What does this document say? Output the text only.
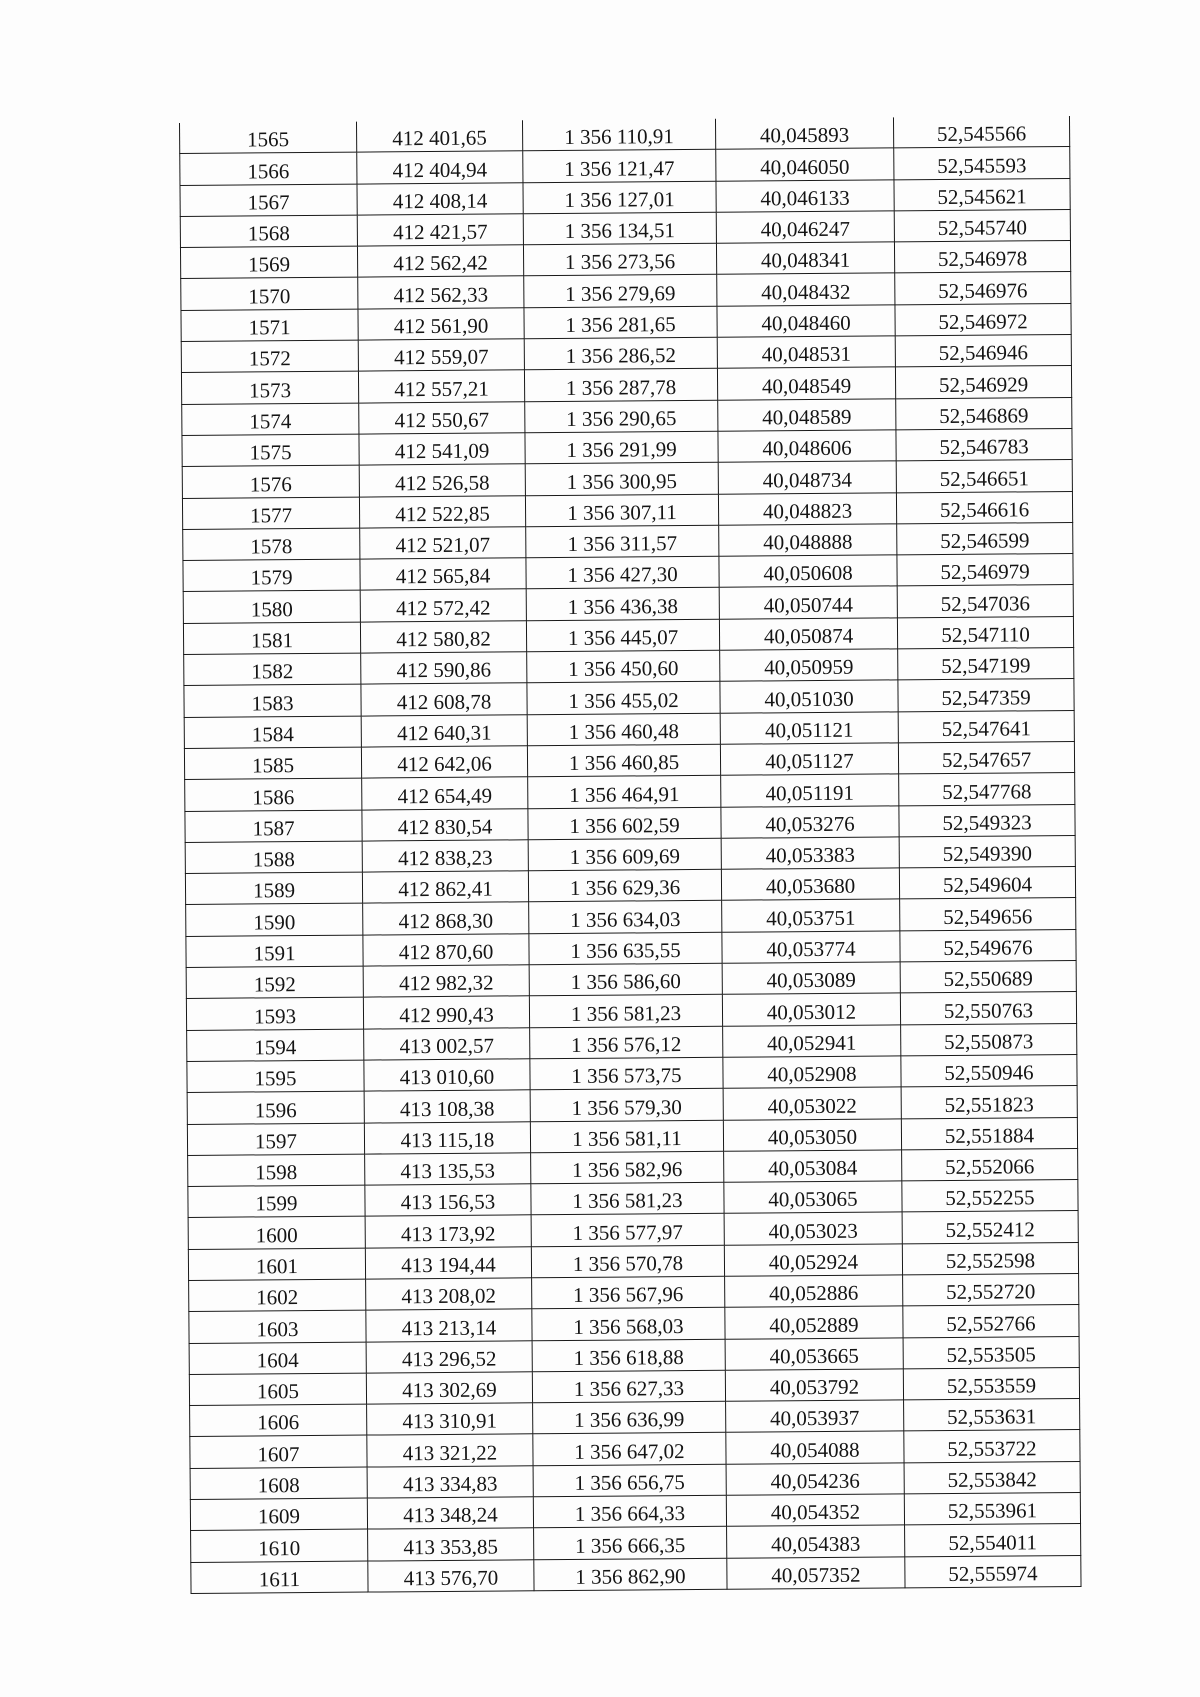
1565	412 401,65	1 356 110,91	40,045893	52,545566
1566	412 404,94	1 356 121,47	40,046050	52,545593
1567	412 408,14	1 356 127,01	40,046133	52,545621
1568	412 421,57	1 356 134,51	40,046247	52,545740
1569	412 562,42	1 356 273,56	40,048341	52,546978
1570	412 562,33	1 356 279,69	40,048432	52,546976
1571	412 561,90	1 356 281,65	40,048460	52,546972
1572	412 559,07	1 356 286,52	40,048531	52,546946
1573	412 557,21	1 356 287,78	40,048549	52,546929
1574	412 550,67	1 356 290,65	40,048589	52,546869
1575	412 541,09	1 356 291,99	40,048606	52,546783
1576	412 526,58	1 356 300,95	40,048734	52,546651
1577	412 522,85	1 356 307,11	40,048823	52,546616
1578	412 521,07	1 356 311,57	40,048888	52,546599
1579	412 565,84	1 356 427,30	40,050608	52,546979
1580	412 572,42	1 356 436,38	40,050744	52,547036
1581	412 580,82	1 356 445,07	40,050874	52,547110
1582	412 590,86	1 356 450,60	40,050959	52,547199
1583	412 608,78	1 356 455,02	40,051030	52,547359
1584	412 640,31	1 356 460,48	40,051121	52,547641
1585	412 642,06	1 356 460,85	40,051127	52,547657
1586	412 654,49	1 356 464,91	40,051191	52,547768
1587	412 830,54	1 356 602,59	40,053276	52,549323
1588	412 838,23	1 356 609,69	40,053383	52,549390
1589	412 862,41	1 356 629,36	40,053680	52,549604
1590	412 868,30	1 356 634,03	40,053751	52,549656
1591	412 870,60	1 356 635,55	40,053774	52,549676
1592	412 982,32	1 356 586,60	40,053089	52,550689
1593	412 990,43	1 356 581,23	40,053012	52,550763
1594	413 002,57	1 356 576,12	40,052941	52,550873
1595	413 010,60	1 356 573,75	40,052908	52,550946
1596	413 108,38	1 356 579,30	40,053022	52,551823
1597	413 115,18	1 356 581,11	40,053050	52,551884
1598	413 135,53	1 356 582,96	40,053084	52,552066
1599	413 156,53	1 356 581,23	40,053065	52,552255
1600	413 173,92	1 356 577,97	40,053023	52,552412
1601	413 194,44	1 356 570,78	40,052924	52,552598
1602	413 208,02	1 356 567,96	40,052886	52,552720
1603	413 213,14	1 356 568,03	40,052889	52,552766
1604	413 296,52	1 356 618,88	40,053665	52,553505
1605	413 302,69	1 356 627,33	40,053792	52,553559
1606	413 310,91	1 356 636,99	40,053937	52,553631
1607	413 321,22	1 356 647,02	40,054088	52,553722
1608	413 334,83	1 356 656,75	40,054236	52,553842
1609	413 348,24	1 356 664,33	40,054352	52,553961
1610	413 353,85	1 356 666,35	40,054383	52,554011
1611	413 576,70	1 356 862,90	40,057352	52,555974
